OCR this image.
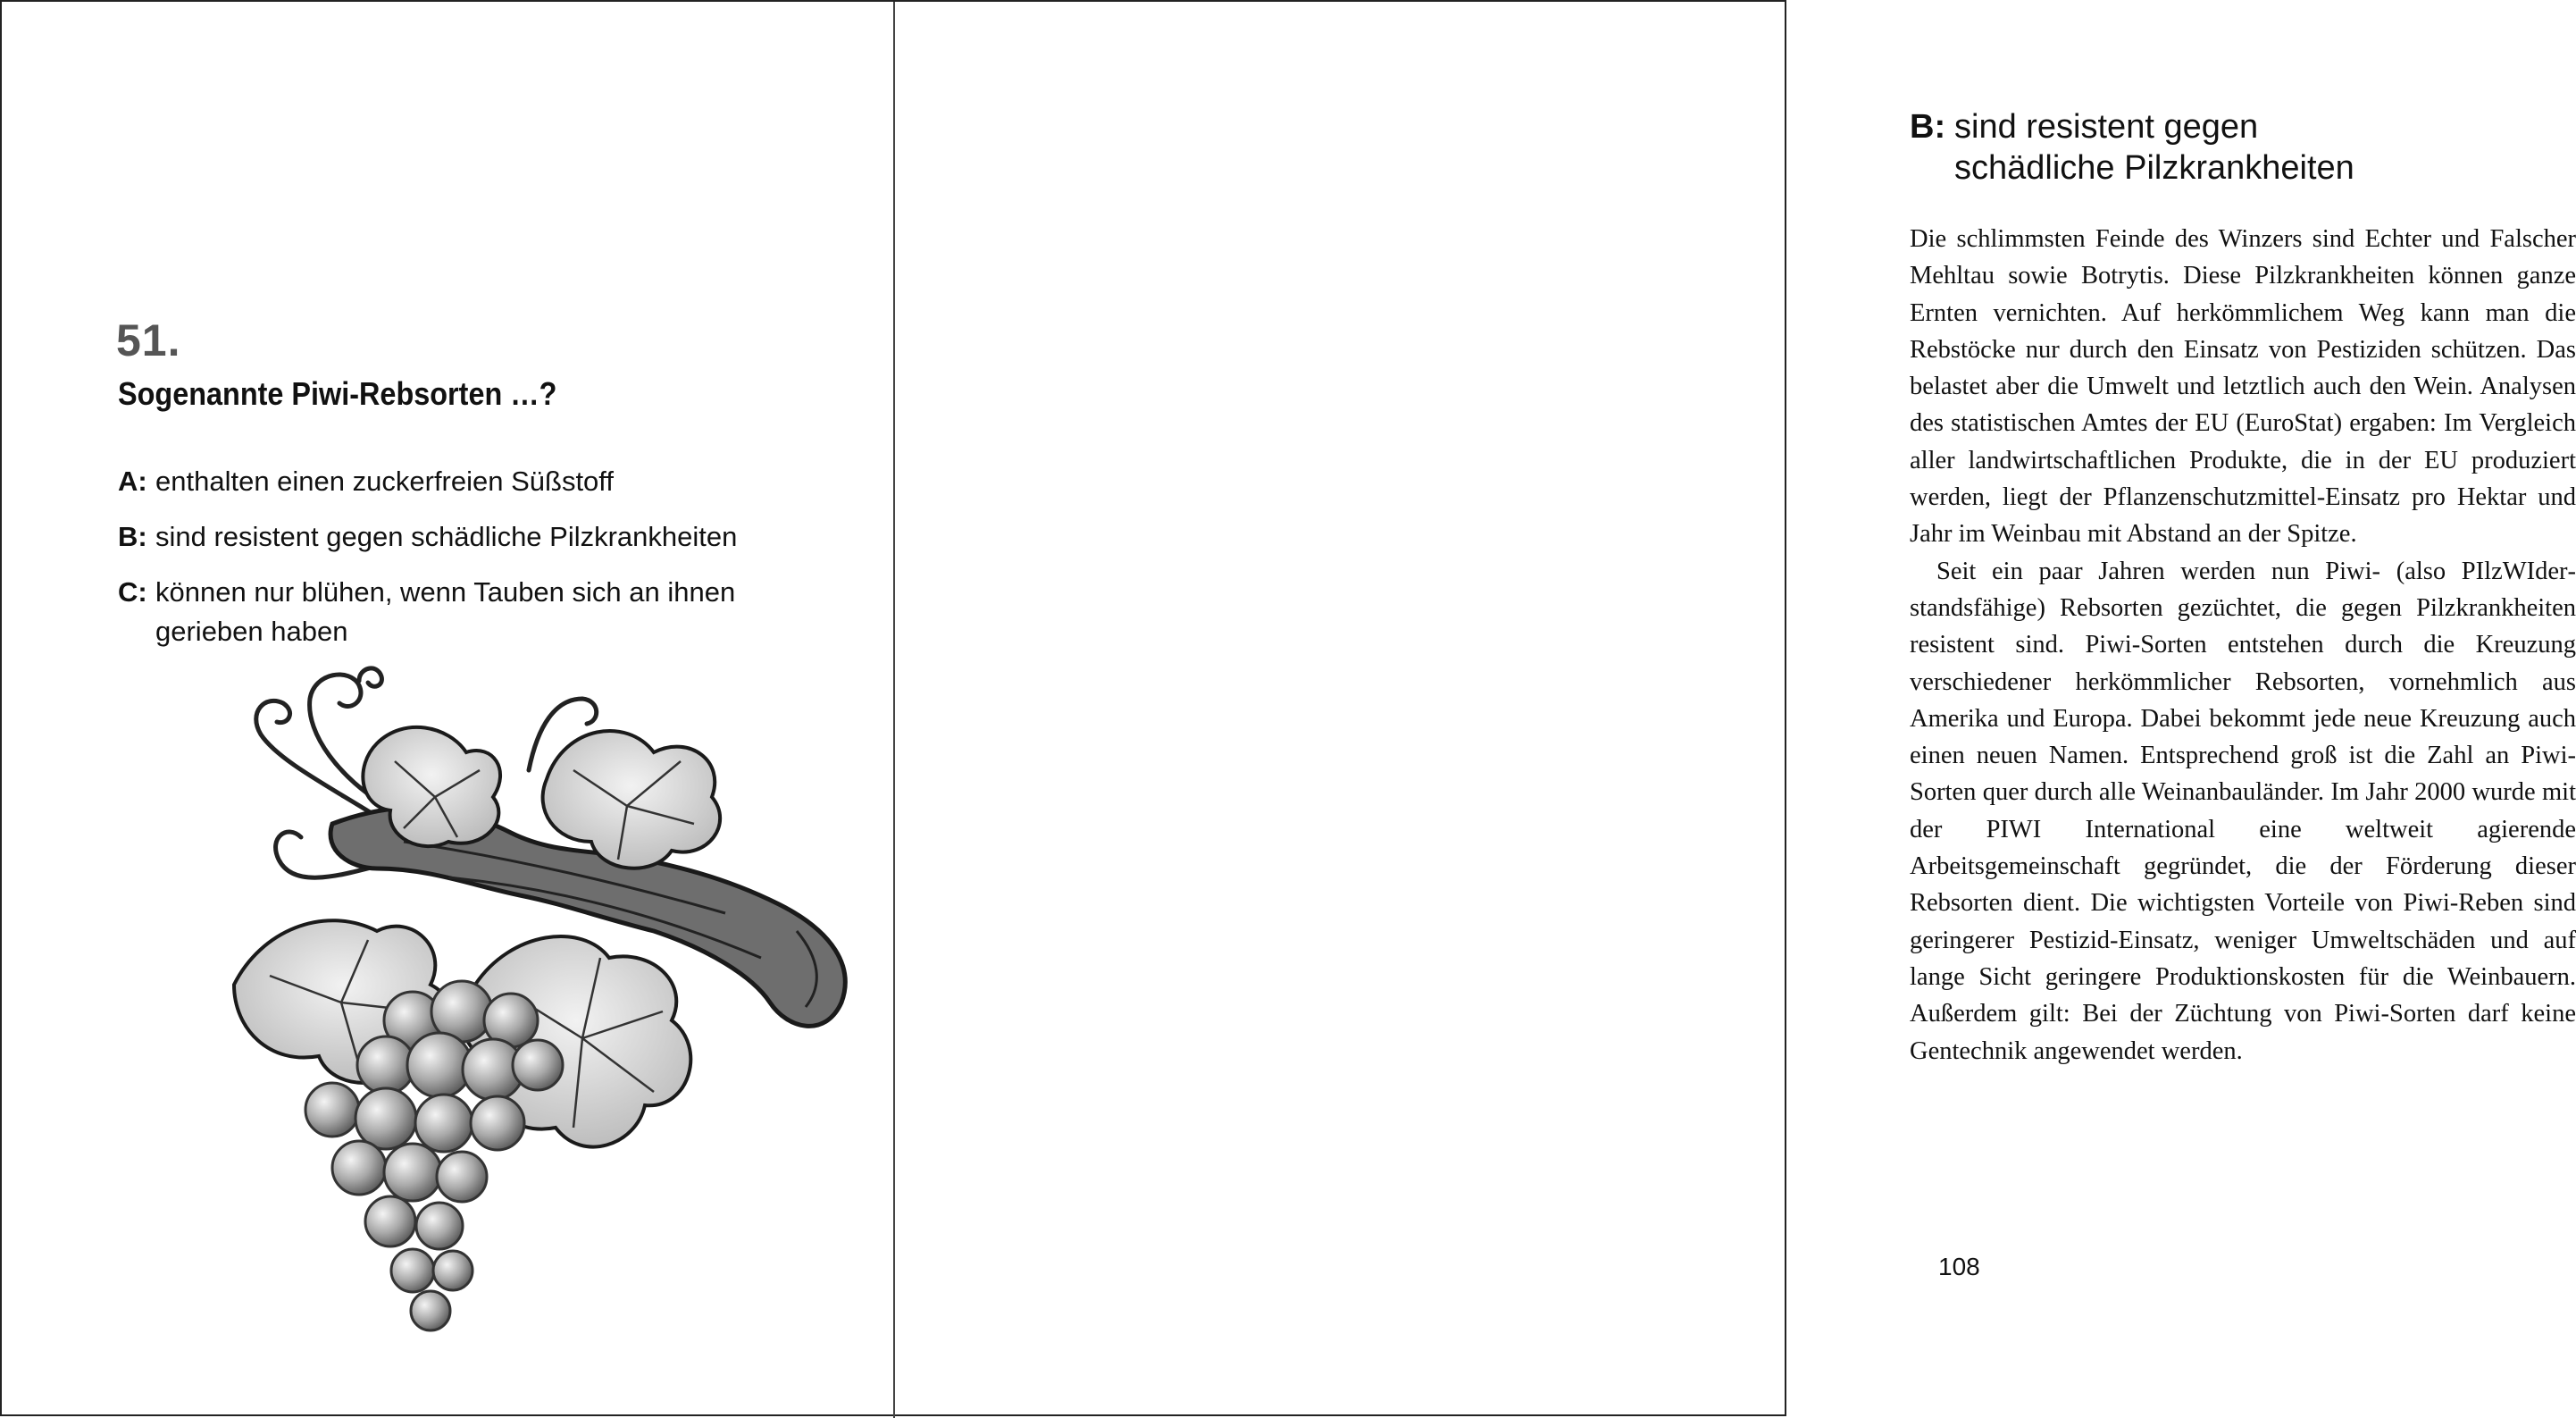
51.
Sogenannte Piwi-Rebsorten …?
A: enthalten einen zuckerfreien Süßstoff
B: sind resistent gegen schädliche Pilzkrankheiten
C: können nur blühen, wenn Tauben sich an ihnen gerieben haben
B: sind resistent gegen schädliche Pilzkrankheiten

Die schlimmsten Feinde des Winzers sind Echter und Falscher Mehltau sowie Botrytis. Diese Pilzkrankheiten können ganze Ernten vernichten. Auf herkömmlichem Weg kann man die Rebstöcke nur durch den Einsatz von Pestiziden schützen. Das belastet aber die Umwelt und letztlich auch den Wein. Analysen des statistischen Amtes der EU (EuroStat) ergaben: Im Vergleich aller landwirtschaftlichen Produkte, die in der EU produziert werden, liegt der Pflanzenschutzmittel-Einsatz pro Hektar und Jahr im Weinbau mit Abstand an der Spitze.

Seit ein paar Jahren werden nun Piwi- (also PIlzWIderstandsfähige) Rebsorten gezüchtet, die gegen Pilzkrankheiten resistent sind. Piwi-Sorten entstehen durch die Kreuzung verschiedener herkömmlicher Rebsorten, vornehmlich aus Amerika und Europa. Dabei bekommt jede neue Kreuzung auch einen neuen Namen. Entsprechend groß ist die Zahl an Piwi-Sorten quer durch alle Weinanbauländer. Im Jahr 2000 wurde mit der PIWI International eine weltweit agierende Arbeitsgemeinschaft gegründet, die der Förderung dieser Rebsorten dient. Die wichtigsten Vorteile von Piwi-Reben sind geringerer Pestizid-Einsatz, weniger Umweltschäden und auf lange Sicht geringere Produktionskosten für die Weinbauern. Außerdem gilt: Bei der Züchtung von Piwi-Sorten darf keine Gentechnik angewendet werden.

108
